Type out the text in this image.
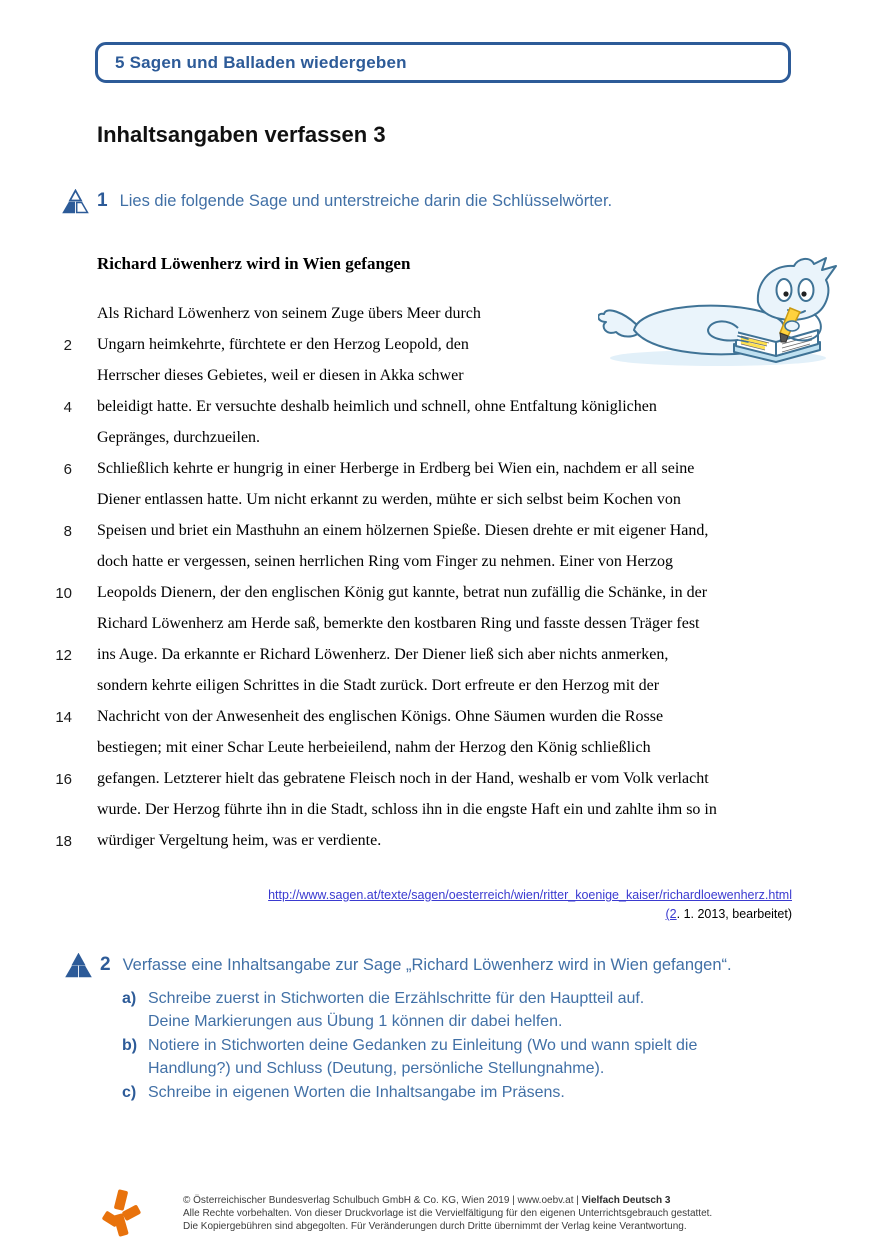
5 Sagen und Balladen wiedergeben
Inhaltsangaben verfassen 3
1 Lies die folgende Sage und unterstreiche darin die Schlüsselwörter.
Richard Löwenherz wird in Wien gefangen
Als Richard Löwenherz von seinem Zuge übers Meer durch
2 Ungarn heimkehrte, fürchtete er den Herzog Leopold, den
Herrscher dieses Gebietes, weil er diesen in Akka schwer
4 beleidigt hatte. Er versuchte deshalb heimlich und schnell, ohne Entfaltung königlichen
Gepränges, durchzueilen.
6 Schließlich kehrte er hungrig in einer Herberge in Erdberg bei Wien ein, nachdem er all seine
Diener entlassen hatte. Um nicht erkannt zu werden, mühte er sich selbst beim Kochen von
8 Speisen und briet ein Masthuhn an einem hölzernen Spieße. Diesen drehte er mit eigener Hand,
doch hatte er vergessen, seinen herrlichen Ring vom Finger zu nehmen. Einer von Herzog
10 Leopolds Dienern, der den englischen König gut kannte, betrat nun zufällig die Schänke, in der
Richard Löwenherz am Herde saß, bemerkte den kostbaren Ring und fasste dessen Träger fest
12 ins Auge. Da erkannte er Richard Löwenherz. Der Diener ließ sich aber nichts anmerken,
sondern kehrte eiligen Schrittes in die Stadt zurück. Dort erfreute er den Herzog mit der
14 Nachricht von der Anwesenheit des englischen Königs. Ohne Säumen wurden die Rosse
bestiegen; mit einer Schar Leute herbeieilend, nahm der Herzog den König schließlich
16 gefangen. Letzterer hielt das gebratene Fleisch noch in der Hand, weshalb er vom Volk verlacht
wurde. Der Herzog führte ihn in die Stadt, schloss ihn in die engste Haft ein und zahlte ihm so in
18 würdiger Vergeltung heim, was er verdiente.
http://www.sagen.at/texte/sagen/oesterreich/wien/ritter_koenige_kaiser/richardloewenherz.html
(2. 1. 2013, bearbeitet)
2 Verfasse eine Inhaltsangabe zur Sage „Richard Löwenherz wird in Wien gefangen“.
a) Schreibe zuerst in Stichworten die Erzählschritte für den Hauptteil auf.
Deine Markierungen aus Übung 1 können dir dabei helfen.
b) Notiere in Stichworten deine Gedanken zu Einleitung (Wo und wann spielt die
Handlung?) und Schluss (Deutung, persönliche Stellungnahme).
c) Schreibe in eigenen Worten die Inhaltsangabe im Präsens.
© Österreichischer Bundesverlag Schulbuch GmbH & Co. KG, Wien 2019 | www.oebv.at | Vielfach Deutsch 3
Alle Rechte vorbehalten. Von dieser Druckvorlage ist die Vervielfältigung für den eigenen Unterrichtsgebrauch gestattet.
Die Kopiergebühren sind abgegolten. Für Veränderungen durch Dritte übernimmt der Verlag keine Verantwortung.
